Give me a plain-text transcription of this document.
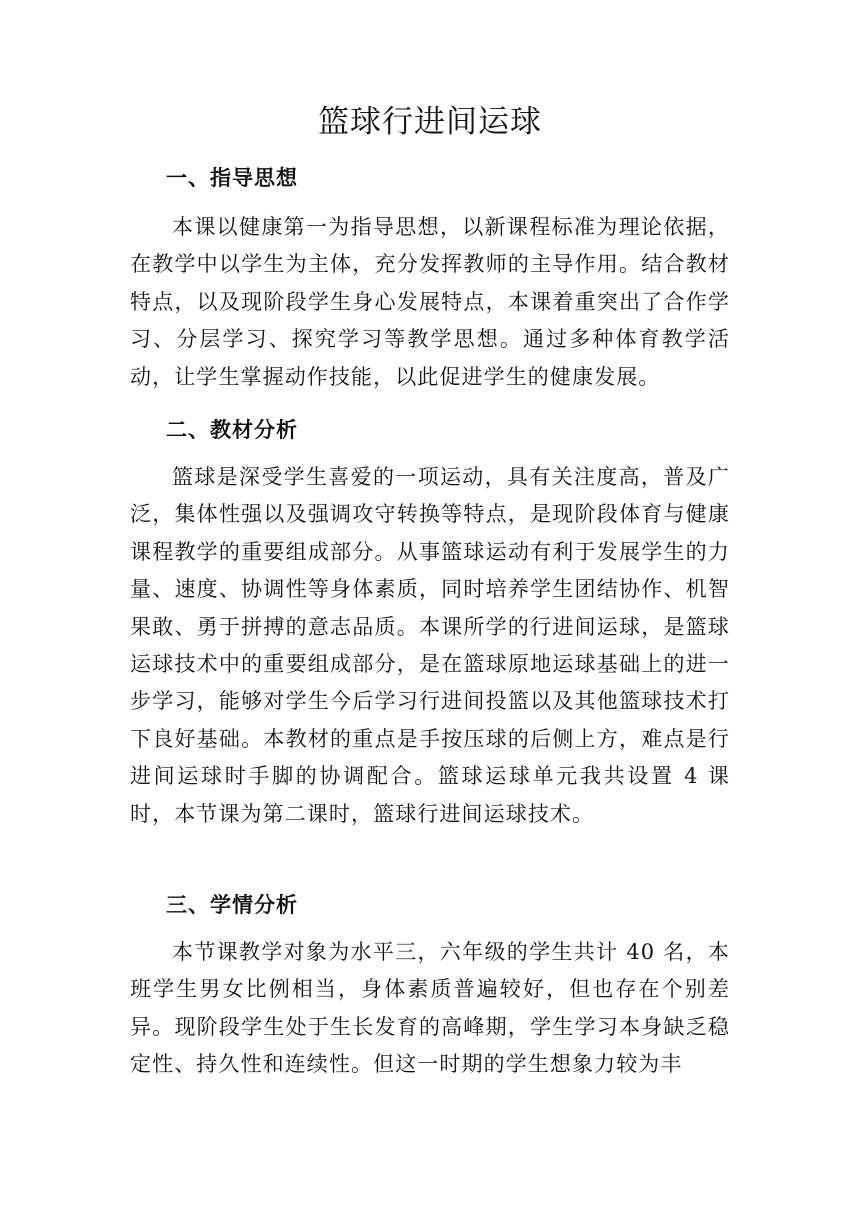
篮球行进间运球
一、指导思想

本课以健康第一为指导思想，以新课程标准为理论依据，在教学中以学生为主体，充分发挥教师的主导作用。结合教材特点，以及现阶段学生身心发展特点，本课着重突出了合作学习、分层学习、探究学习等教学思想。通过多种体育教学活动，让学生掌握动作技能，以此促进学生的健康发展。

二、教材分析

篮球是深受学生喜爱的一项运动，具有关注度高，普及广泛，集体性强以及强调攻守转换等特点，是现阶段体育与健康课程教学的重要组成部分。从事篮球运动有利于发展学生的力量、速度、协调性等身体素质，同时培养学生团结协作、机智果敢、勇于拼搏的意志品质。本课所学的行进间运球，是篮球运球技术中的重要组成部分，是在篮球原地运球基础上的进一步学习，能够对学生今后学习行进间投篮以及其他篮球技术打下良好基础。本教材的重点是手按压球的后侧上方，难点是行进间运球时手脚的协调配合。篮球运球单元我共设置 4 课时，本节课为第二课时，篮球行进间运球技术。

三、学情分析

本节课教学对象为水平三，六年级的学生共计 40 名，本班学生男女比例相当，身体素质普遍较好，但也存在个别差异。现阶段学生处于生长发育的高峰期，学生学习本身缺乏稳定性、持久性和连续性。但这一时期的学生想象力较为丰
